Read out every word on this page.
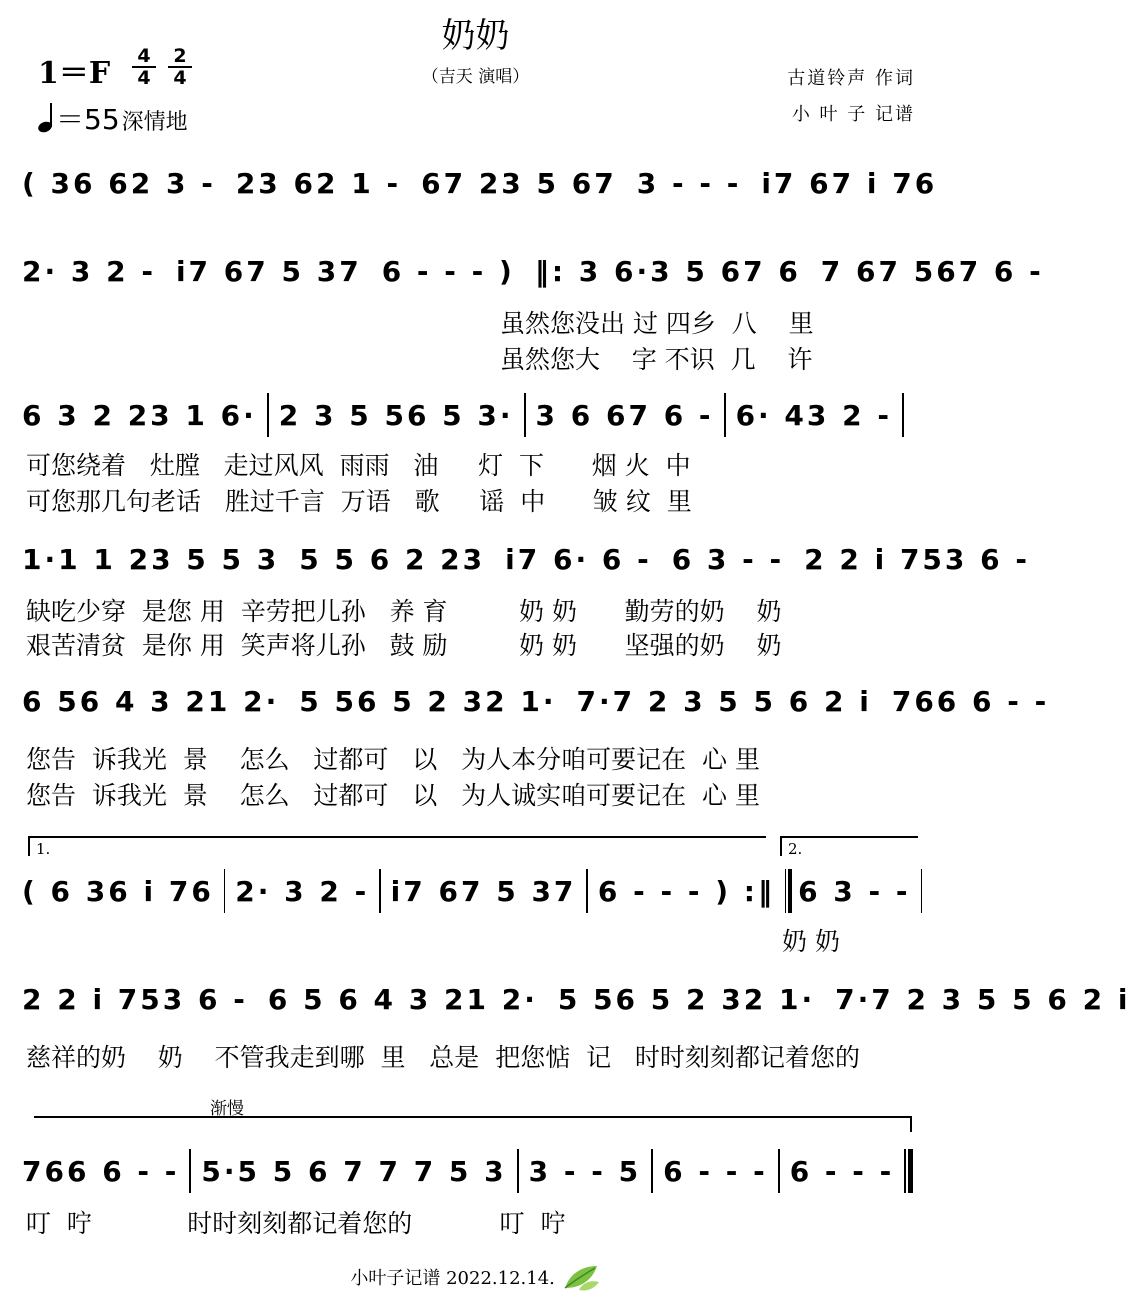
奶奶
（吉天 演唱）
1＝F 4
4
2
4
＝55深情地
古道铃声 作词
小 叶 子 记谱
( 36 62 3 - 23 62 1 - 67 23 5 67 3 - - - i7 67 i 76
2· 3 2 - i7 67 5 37 6 - - - ) ‖: 3 6·3 5 67 6 7 67 567 6 -
虽然您没出 过 四乡  八    里
虽然您大    字 不识  几    许
6 3 2 23 1 6· 2 3 5 56 5 3· 3 6 67 6 - 6· 43 2 -
可您绕着   灶膛   走过风风  雨雨   油     灯  下      烟 火  中
可您那几句老话   胜过千言  万语   歌     谣  中      皱 纹  里
1·1 1 23 5 5 3 5 5 6 2 23 i7 6· 6 - 6 3 - - 2 2 i 753 6 -
缺吃少穿  是您 用  辛劳把儿孙   养 育         奶 奶      勤劳的奶    奶
艰苦清贫  是你 用  笑声将儿孙   鼓 励         奶 奶      坚强的奶    奶
6 56 4 3 21 2· 5 56 5 2 32 1· 7·7 2 3 5 5 6 2 i 766 6 - -
您告  诉我光  景    怎么   过都可   以   为人本分咱可要记在  心 里
您告  诉我光  景    怎么   过都可   以   为人诚实咱可要记在  心 里
1.	2.
( 6 36 i 76 2· 3 2 - i7 67 5 37 6 - - - ) :‖ 6 3 - -
奶 奶
2 2 i 753 6 - 6 5 6 4 3 21 2· 5 56 5 2 32 1· 7·7 2 3 5 5 6 2 i
慈祥的奶    奶    不管我走到哪  里   总是  把您惦  记   时时刻刻都记着您的
渐慢
766 6 - - 5·5 5 6 7 7 7 5 3 3 - - 5 6 - - - 6 - - -
叮  咛            时时刻刻都记着您的           叮  咛
小叶子记谱 2022.12.14.
